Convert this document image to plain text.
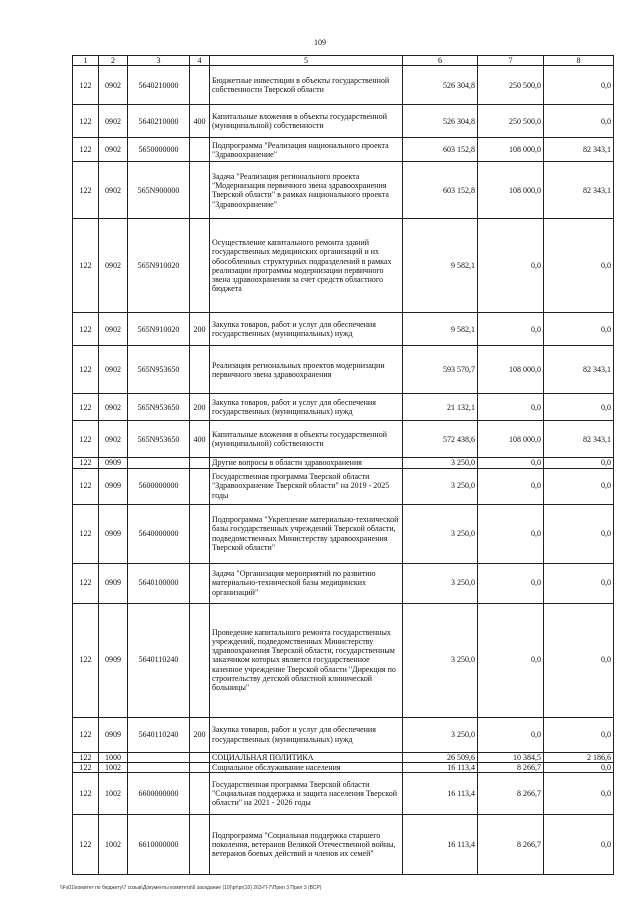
109
1	2	3	4	5	6	7	8
122	0902	5640210000		Бюджетные инвестиции в объекты государственной собственности Тверской области	526 304,8	250 500,0	0,0
122	0902	5640210000	400	Капитальные вложения в объекты государственной (муниципальной) собственности	526 304,8	250 500,0	0,0
122	0902	5650000000		Подпрограмма "Реализация национального проекта "Здравоохранение"	603 152,8	108 000,0	82 343,1
122	0902	565N900000		Задача "Реализация регионального проекта "Модернизация первичного звена здравоохранения Тверской области" в рамках национального проекта "Здравоохранение"	603 152,8	108 000,0	82 343,1
122	0902	565N910020		Осуществление капитального ремонта зданий государственных медицинских организаций и их обособленных структурных подразделений в рамках реализации программы модернизации первичного звена здравоохранения за счет средств областного бюджета	9 582,1	0,0	0,0
122	0902	565N910020	200	Закупка товаров, работ и услуг для обеспечения государственных (муниципальных) нужд	9 582,1	0,0	0,0
122	0902	565N953650		Реализация региональных проектов модернизации первичного звена здравоохранения	593 570,7	108 000,0	82 343,1
122	0902	565N953650	200	Закупка товаров, работ и услуг для обеспечения государственных (муниципальных) нужд	21 132,1	0,0	0,0
122	0902	565N953650	400	Капитальные вложения в объекты государственной (муниципальной) собственности	572 438,6	108 000,0	82 343,1
122	0909			Другие вопросы в области здравоохранения	3 250,0	0,0	0,0
122	0909	5600000000		Государственная программа Тверской области "Здравоохранение Тверской области" на 2019 - 2025 годы	3 250,0	0,0	0,0
122	0909	5640000000		Подпрограмма "Укрепление материально-технической базы государственных учреждений Тверской области, подведомственных Министерству здравоохранения Тверской области"	3 250,0	0,0	0,0
122	0909	5640100000		Задача "Организация мероприятий по развитию материально-технической базы медицинских организаций"	3 250,0	0,0	0,0
122	0909	5640110240		Проведение капитального ремонта государственных учреждений, подведомственных Министерству здравоохранения Тверской области, государственным заказчиком которых является государственное казенное учреждение Тверской области "Дирекция по строительству детской областной клинической больницы"	3 250,0	0,0	0,0
122	0909	5640110240	200	Закупка товаров, работ и услуг для обеспечения государственных (муниципальных) нужд	3 250,0	0,0	0,0
122	1000			СОЦИАЛЬНАЯ ПОЛИТИКА	26 509,6	10 384,5	2 186,6
122	1002			Социальное обслуживание населения	16 113,4	8 266,7	0,0
122	1002	6600000000		Государственная программа Тверской области "Социальная поддержка и защита населения Тверской области" на 2021 - 2026 годы	16 113,4	8 266,7	0,0
122	1002	6610000000		Подпрограмма "Социальная поддержка старшего поколения, ветеранов Великой Отечественной войны, ветеранов боевых действий и членов их семей"	16 113,4	8 266,7	0,0
\\Fs01\комитет по бюджету\7 созыв\Документы комитета\6 заседание (10)\pr\pr(10) 263-П-7\Прил 3 Прил 3 (ВСР)
